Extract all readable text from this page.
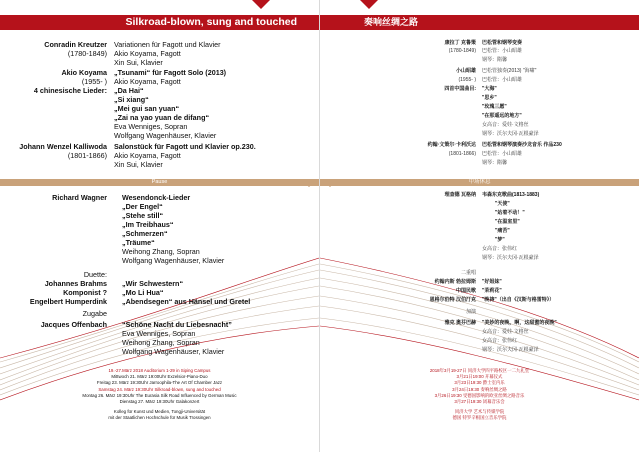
Silkroad-blown, sung and touched
Conradin Kreutzer
(1780-1849)
Variationen für Fagott und Klavier
Akio Koyama, Fagott
Xin Sui, Klavier
Akio Koyama
(1955- )
4 chinesische Lieder:
„Tsunami“ für Fagott Solo (2013)
Akio Koyama, Fagott
„Da Hai“
„Si xiang“
„Mei gui san yuan“
„Zai na yao yuan de difang“
Eva Wenniges, Sopran
Wolfgang Wagenhäuser, Klavier
Johann Wenzel Kalliwoda
(1801-1866)
Salonstück für Fagott und Klavier op.230.
Akio Koyama, Fagott
Xin Sui, Klavier
Pause
Richard Wagner Wesendonck-Lieder
„Der Engel“
„Stehe still“
„Im Treibhaus“
„Schmerzen“
„Träume“
Weihong Zhang, Sopran
Wolfgang Wagenhäuser, Klavier
Duette:
Johannes Brahms „Wir Schwestern“
Komponist ? „Mo Li Hua“
Engelbert Humperdink „Abendsegen“ aus Hänsel und Gretel
Zugabe
Jacques Offenbach “Schöne Nacht du Liebesnacht”
Eva Wenniges, Sopran
Weihong Zhang, Sopran
Wolfgang Wagenhäuser, Klavier
19.-27.März 2018 Auditorium 1-29 in Siping Campus
Mittwoch 21. März 19:00Uhr Exzelsior-Piano-Duo
Freitag 23. März 19:30Uhr Jarroophila-The Art Of Chamber Jazz
Samstag 24. März 19:30Uhr Silkroad-blown, sung and touched
Montag 26. März 19:30Uhr The Eurasia Silk Road Influenced by German Music
Dienstag 27. März 19:30Uhr Galakonzert
Kolleg für Kunst und Medien, Tongji-Universität
mit der Staatlichen Hochschule für Musik Trossingen
奏响丝绸之路
康拉丁 克鲁策
(1780-1849)
巴松管和钢琴变奏
巴松管：小山昭雄
钢琴：隋馨
小山昭雄
(1955- )
四首中国曲目:
巴松管独奏(2013) "海啸"
巴松管：小山昭雄
"大海"
"思乡"
"玫瑰三愿"
"在那遥远的地方"
女高音：爱娃·文格丝
钢琴：沃尔夫冈·瓦根豪泽
约翰·文策尔·卡利沃达
(1801-1866)
巴松管和钢琴演奏沙龙音乐 作品230
巴松管：小山昭雄
钢琴：隋馨
中场休息
理查德 瓦格纳 韦森东克歌曲(1813-1883)
"天使"
"站着不动！"
"在温室里"
"痛苦"
"梦"
女高音：张伟红
钢琴：沃尔夫冈·瓦根豪泽
二重唱
约翰内斯 勃拉姆斯 "好姐妹"
中国民歌 "茉莉花"
恩格尔伯特 汉伯汀克 "晚祷"（出自《汉斯与格雷特》）
加演
雅克 奥芬巴赫 "美妙的夜晚，啊，这甜蜜的夜晚"
女高音：爱娃·文格丝
女高音：张伟红
钢琴：沃尔夫冈·瓦根豪泽
2018年3月19-27日 同济大学四平路校区一二九礼堂
3月21日19:00 开幕仪式
3月23日19:30 爵士室内乐
3月24日19:30 奏响丝绸之路
3月26日19:30 受德国影响的欧亚丝绸之路音乐
3月27日19:30 闭幕音乐会
同济大学 艺术与传媒学院
德国 特罗辛根国立音乐学院
